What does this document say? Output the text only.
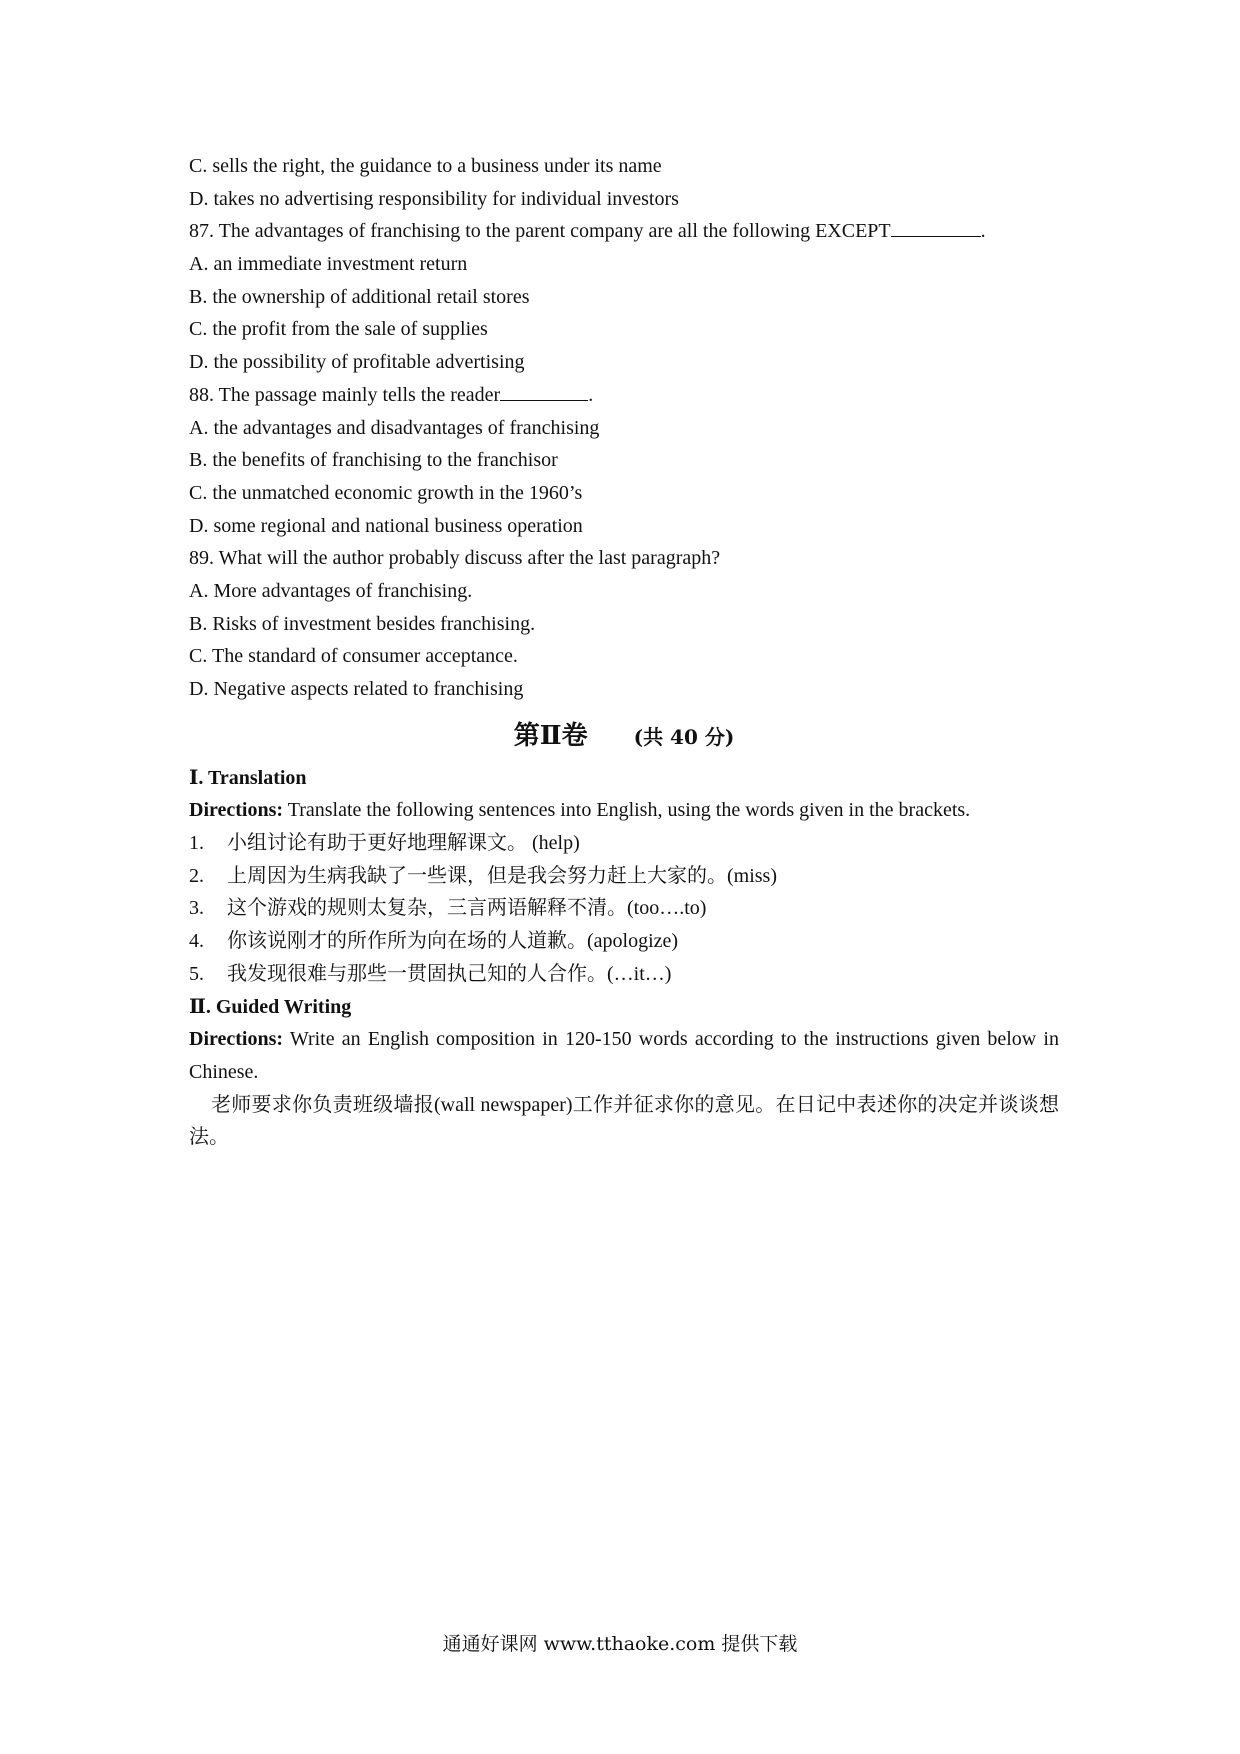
C. sells the right, the guidance to a business under its name
D. takes no advertising responsibility for individual investors
87. The advantages of franchising to the parent company are all the following EXCEPT	.
A. an immediate investment return
B. the ownership of additional retail stores
C. the profit from the sale of supplies
D. the possibility of profitable advertising
88. The passage mainly tells the reader	.
A. the advantages and disadvantages of franchising
B. the benefits of franchising to the franchisor
C. the unmatched economic growth in the 1960’s
D. some regional and national business operation
89. What will the author probably discuss after the last paragraph?
A. More advantages of franchising.
B. Risks of investment besides franchising.
C. The standard of consumer acceptance.
D. Negative aspects related to franchising
第Ⅱ卷 (共 40 分)
Ⅰ. Translation
Directions: Translate the following sentences into English, using the words given in the brackets.
1. 小组讨论有助于更好地理解课文。 (help)
2. 上周因为生病我缺了一些课，但是我会努力赶上大家的。(miss)
3. 这个游戏的规则太复杂，三言两语解释不清。(too….to)
4. 你该说刚才的所作所为向在场的人道歉。(apologize)
5. 我发现很难与那些一贯固执己知的人合作。(…it…)
Ⅱ. Guided Writing
Directions: Write an English composition in 120-150 words according to the instructions given below in Chinese.
老师要求你负责班级墙报(wall newspaper)工作并征求你的意见。在日记中表述你的决定并谈谈想法。
通通好课网 www.tthaoke.com 提供下载
